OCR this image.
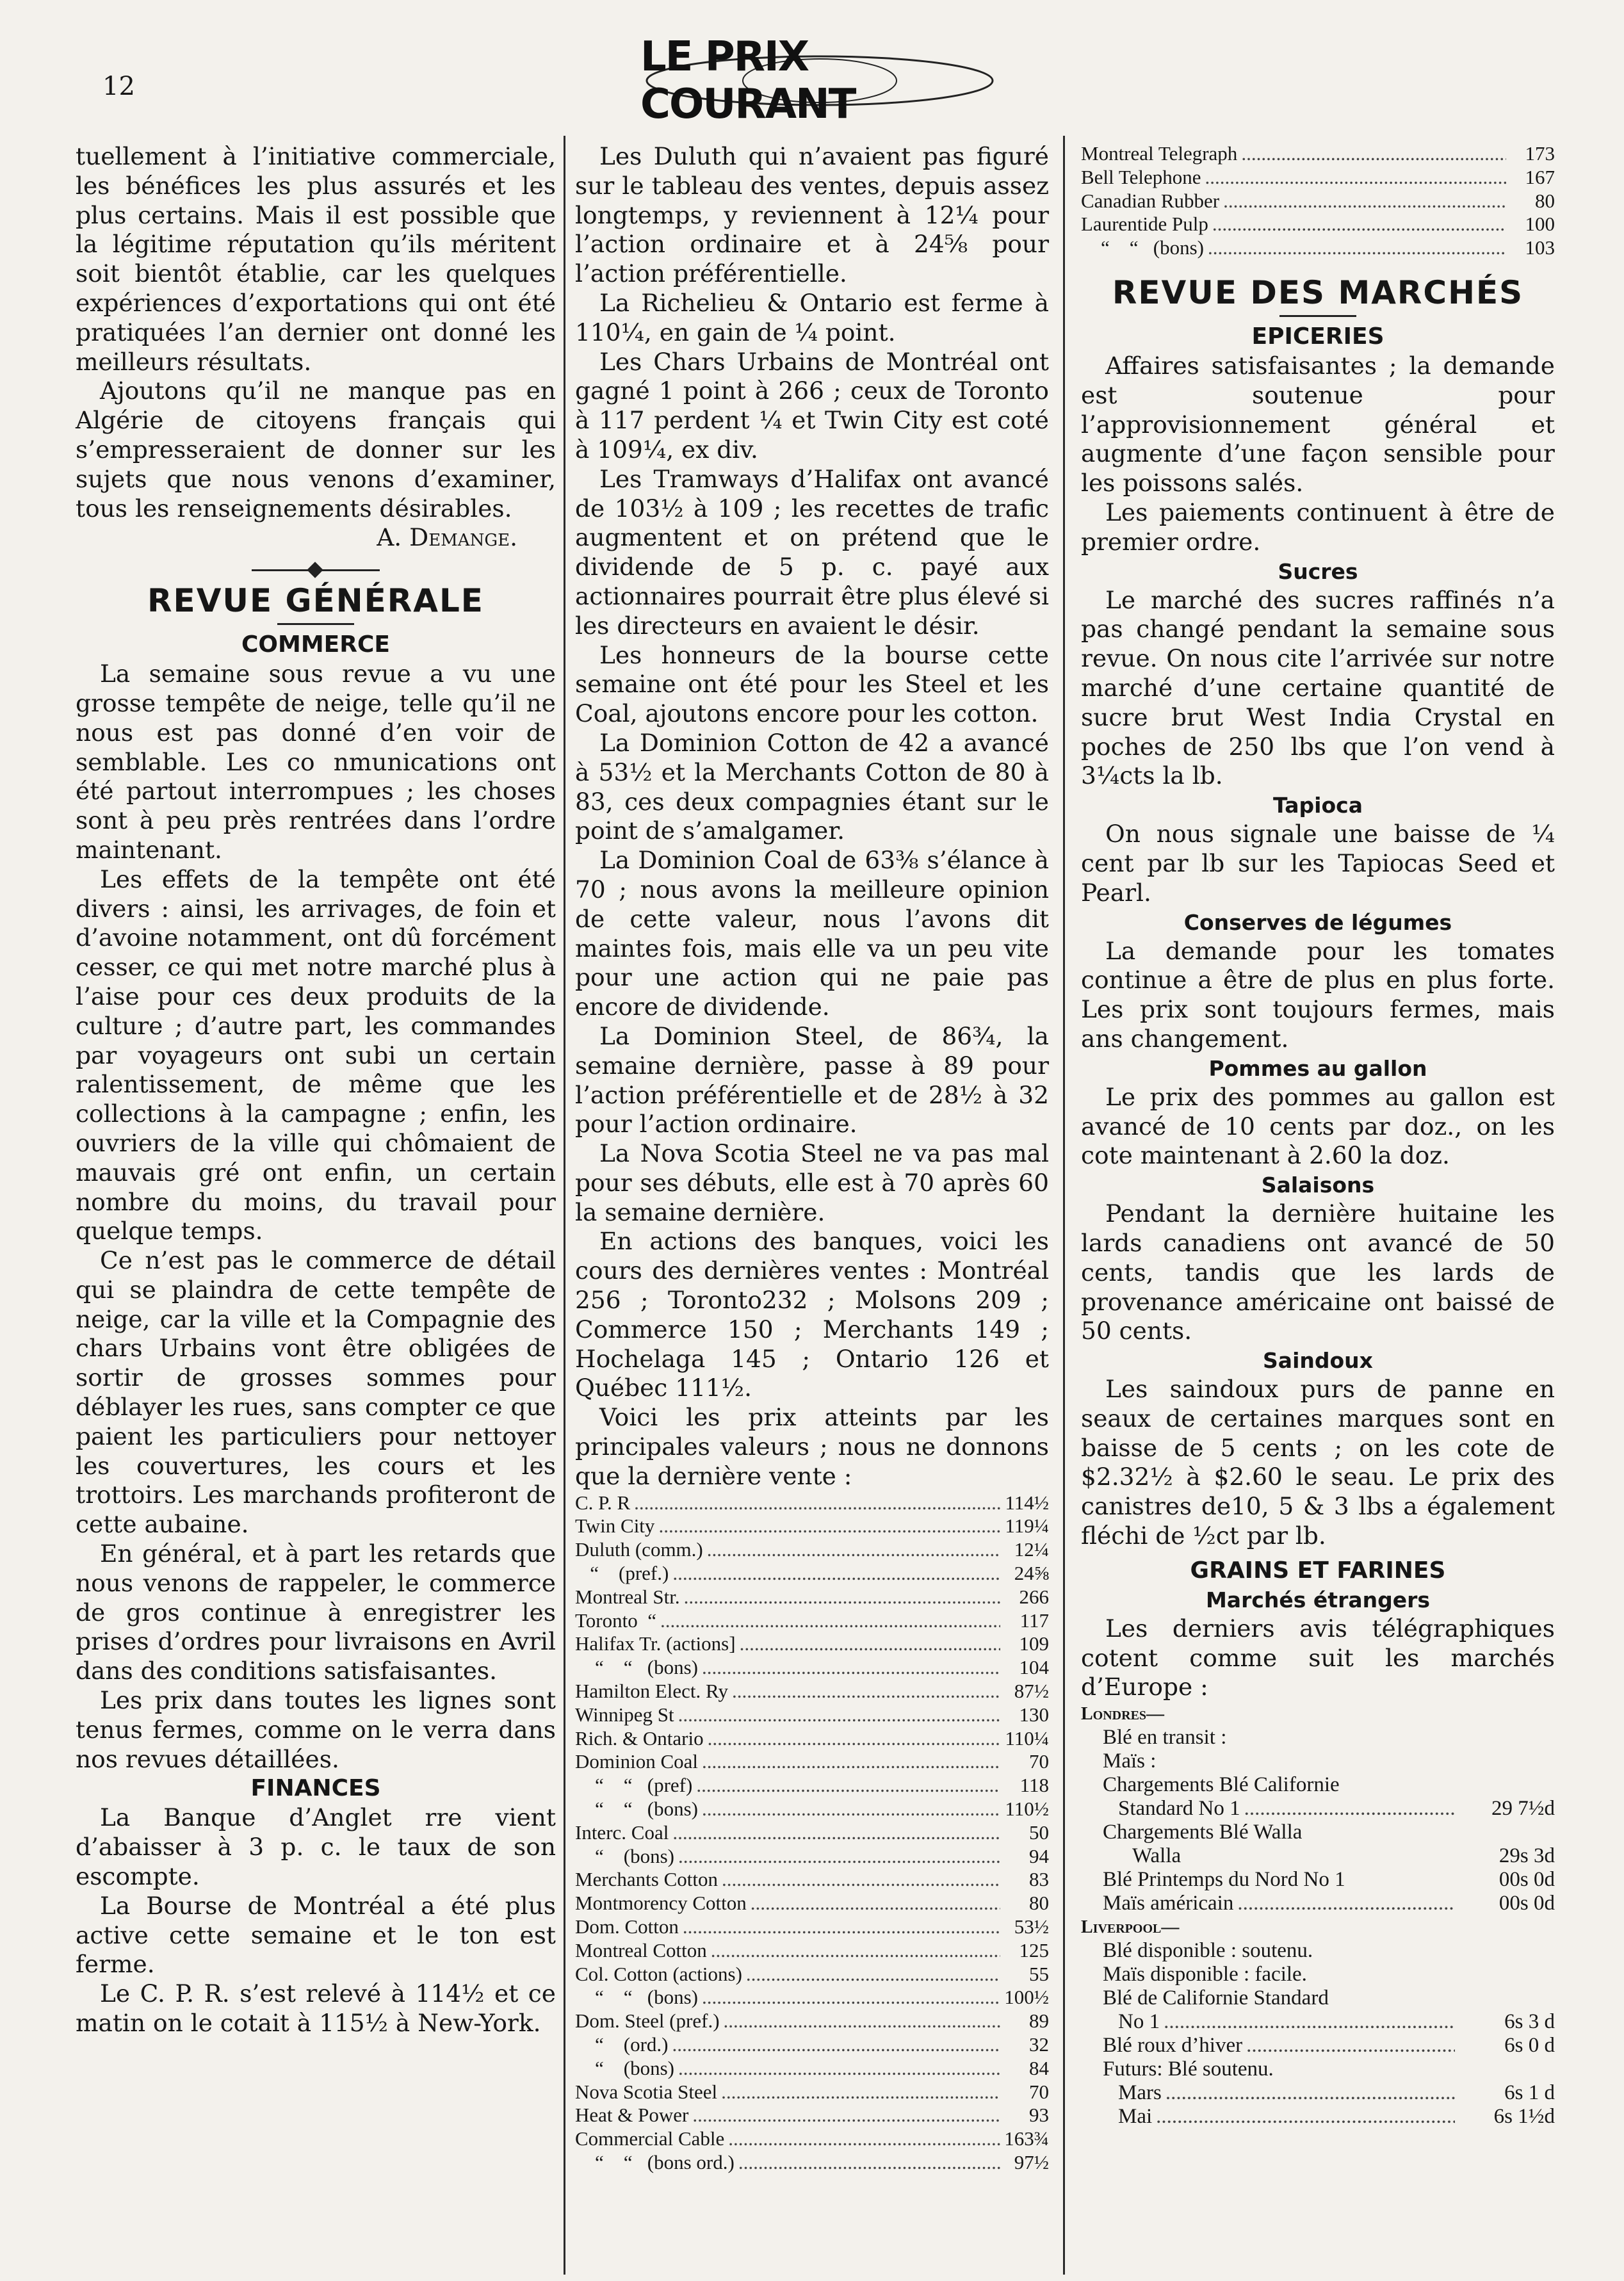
12
LE PRIX COURANT

tuellement à l’initiative commerciale, les bénéfices les plus assurés et les plus certains. Mais il est possible que la légitime réputation qu’ils méritent soit bientôt établie, car les quelques expériences d’exportations qui ont été pratiquées l’an dernier ont donné les meilleurs résultats.

Ajoutons qu’il ne manque pas en Algérie de citoyens français qui s’empresseraient de donner sur les sujets que nous venons d’examiner, tous les renseignements désirables.

A. Demange.

REVUE GÉNÉRALE
COMMERCE

La semaine sous revue a vu une grosse tempête de neige, telle qu’il ne nous est pas donné d’en voir de semblable. Les co nmunications ont été partout interrompues ; les choses sont à peu près rentrées dans l’ordre maintenant.

Les effets de la tempête ont été divers : ainsi, les arrivages, de foin et d’avoine notamment, ont dû forcément cesser, ce qui met notre marché plus à l’aise pour ces deux produits de la culture ; d’autre part, les commandes par voyageurs ont subi un certain ralentissement, de même que les collections à la campagne ; enfin, les ouvriers de la ville qui chômaient de mauvais gré ont enfin, un certain nombre du moins, du travail pour quelque temps.

Ce n’est pas le commerce de détail qui se plaindra de cette tempête de neige, car la ville et la Compagnie des chars Urbains vont être obligées de sortir de grosses sommes pour déblayer les rues, sans compter ce que paient les particuliers pour nettoyer les couvertures, les cours et les trottoirs. Les marchands profiteront de cette aubaine.

En général, et à part les retards que nous venons de rappeler, le commerce de gros continue à enregistrer les prises d’ordres pour livraisons en Avril dans des conditions satisfaisantes.

Les prix dans toutes les lignes sont tenus fermes, comme on le verra dans nos revues détaillées.

FINANCES

La Banque d’Anglet rre vient d’abaisser à 3 p. c. le taux de son escompte.

La Bourse de Montréal a été plus active cette semaine et le ton est ferme.

Le C. P. R. s’est relevé à 114½ et ce matin on le cotait à 115½ à New-York.

Les Duluth qui n’avaient pas figuré sur le tableau des ventes, depuis assez longtemps, y reviennent à 12¼ pour l’action ordinaire et à 24⅝ pour l’action préférentielle.

La Richelieu & Ontario est ferme à 110¼, en gain de ¼ point.

Les Chars Urbains de Montréal ont gagné 1 point à 266 ; ceux de Toronto à 117 perdent ¼ et Twin City est coté à 109¼, ex div.

Les Tramways d’Halifax ont avancé de 103½ à 109 ; les recettes de trafic augmentent et on prétend que le dividende de 5 p. c. payé aux actionnaires pourrait être plus élevé si les directeurs en avaient le désir.

Les honneurs de la bourse cette semaine ont été pour les Steel et les Coal, ajoutons encore pour les cotton.

La Dominion Cotton de 42 a avancé à 53½ et la Merchants Cotton de 80 à 83, ces deux compagnies étant sur le point de s’amalgamer.

La Dominion Coal de 63⅜ s’élance à 70 ; nous avons la meilleure opinion de cette valeur, nous l’avons dit maintes fois, mais elle va un peu vite pour une action qui ne paie pas encore de dividende.

La Dominion Steel, de 86¾, la semaine dernière, passe à 89 pour l’action préférentielle et de 28½ à 32 pour l’action ordinaire.

La Nova Scotia Steel ne va pas mal pour ses débuts, elle est à 70 après 60 la semaine dernière.

En actions des banques, voici les cours des dernières ventes : Montréal 256 ; Toronto232 ; Molsons 209 ; Commerce 150 ; Merchants 149 ; Hochelaga 145 ; Ontario 126 et Québec 111½.

Voici les prix atteints par les principales valeurs ; nous ne donnons que la dernière vente :

C. P. R .....	114½
Twin City .....	119¼
Duluth (comm.) .....	12¼
“    (pref.) .....	24⅝
Montreal Str. .....	266
Toronto  “ .....	117
Halifax Tr. (actions] .....	109
“    “   (bons) .....	104
Hamilton Elect. Ry .....	87½
Winnipeg St .....	130
Rich. & Ontario .....	110¼
Dominion Coal .....	70
“    “   (pref) .....	118
“    “   (bons) .....	110½
Interc. Coal .....	50
“    (bons) .....	94
Merchants Cotton .....	83
Montmorency Cotton .....	80
Dom. Cotton .....	53½
Montreal Cotton .....	125
Col. Cotton (actions) .....	55
“    “   (bons) .....	100½
Dom. Steel (pref.) .....	89
“    (ord.) .....	32
“    (bons) .....	84
Nova Scotia Steel .....	70
Heat & Power .....	93
Commercial Cable .....	163¾
“    “   (bons ord.) .....	97½
Montreal Telegraph .....	173
Bell Telephone .....	167
Canadian Rubber .....	80
Laurentide Pulp .....	100
“    “   (bons) .....	103
REVUE DES MARCHÉS
EPICERIES

Affaires satisfaisantes ; la demande est soutenue pour l’approvisionnement général et augmente d’une façon sensible pour les poissons salés.

Les paiements continuent à être de premier ordre.

Sucres

Le marché des sucres raffinés n’a pas changé pendant la semaine sous revue. On nous cite l’arrivée sur notre marché d’une certaine quantité de sucre brut West India Crystal en poches de 250 lbs que l’on vend à 3¼cts la lb.

Tapioca

On nous signale une baisse de ¼ cent par lb sur les Tapiocas Seed et Pearl.

Conserves de légumes

La demande pour les tomates continue a être de plus en plus forte. Les prix sont toujours fermes, mais ans changement.

Pommes au gallon

Le prix des pommes au gallon est avancé de 10 cents par doz., on les cote maintenant à 2.60 la doz.

Salaisons

Pendant la dernière huitaine les lards canadiens ont avancé de 50 cents, tandis que les lards de provenance américaine ont baissé de 50 cents.

Saindoux

Les saindoux purs de panne en seaux de certaines marques sont en baisse de 5 cents ; on les cote de $2.32½ à $2.60 le seau. Le prix des canistres de10, 5 & 3 lbs a également fléchi de ½ct par lb.

GRAINS ET FARINES
Marchés étrangers

Les derniers avis télégraphiques cotent comme suit les marchés d’Europe :

Londres—
Blé en transit :
Maïs :
Chargements Blé Californie
Standard No 1 .....	29 7½d
Chargements Blé Walla
Walla	29s 3d
Blé Printemps du Nord No 1	00s 0d
Maïs américain .....	00s 0d
Liverpool—
Blé disponible : soutenu.
Maïs disponible : facile.
Blé de Californie Standard
No 1 .....	6s 3 d
Blé roux d’hiver .....	6s 0 d
Futurs: Blé soutenu.
Mars .....	6s 1 d
Mai .....	6s 1½d
